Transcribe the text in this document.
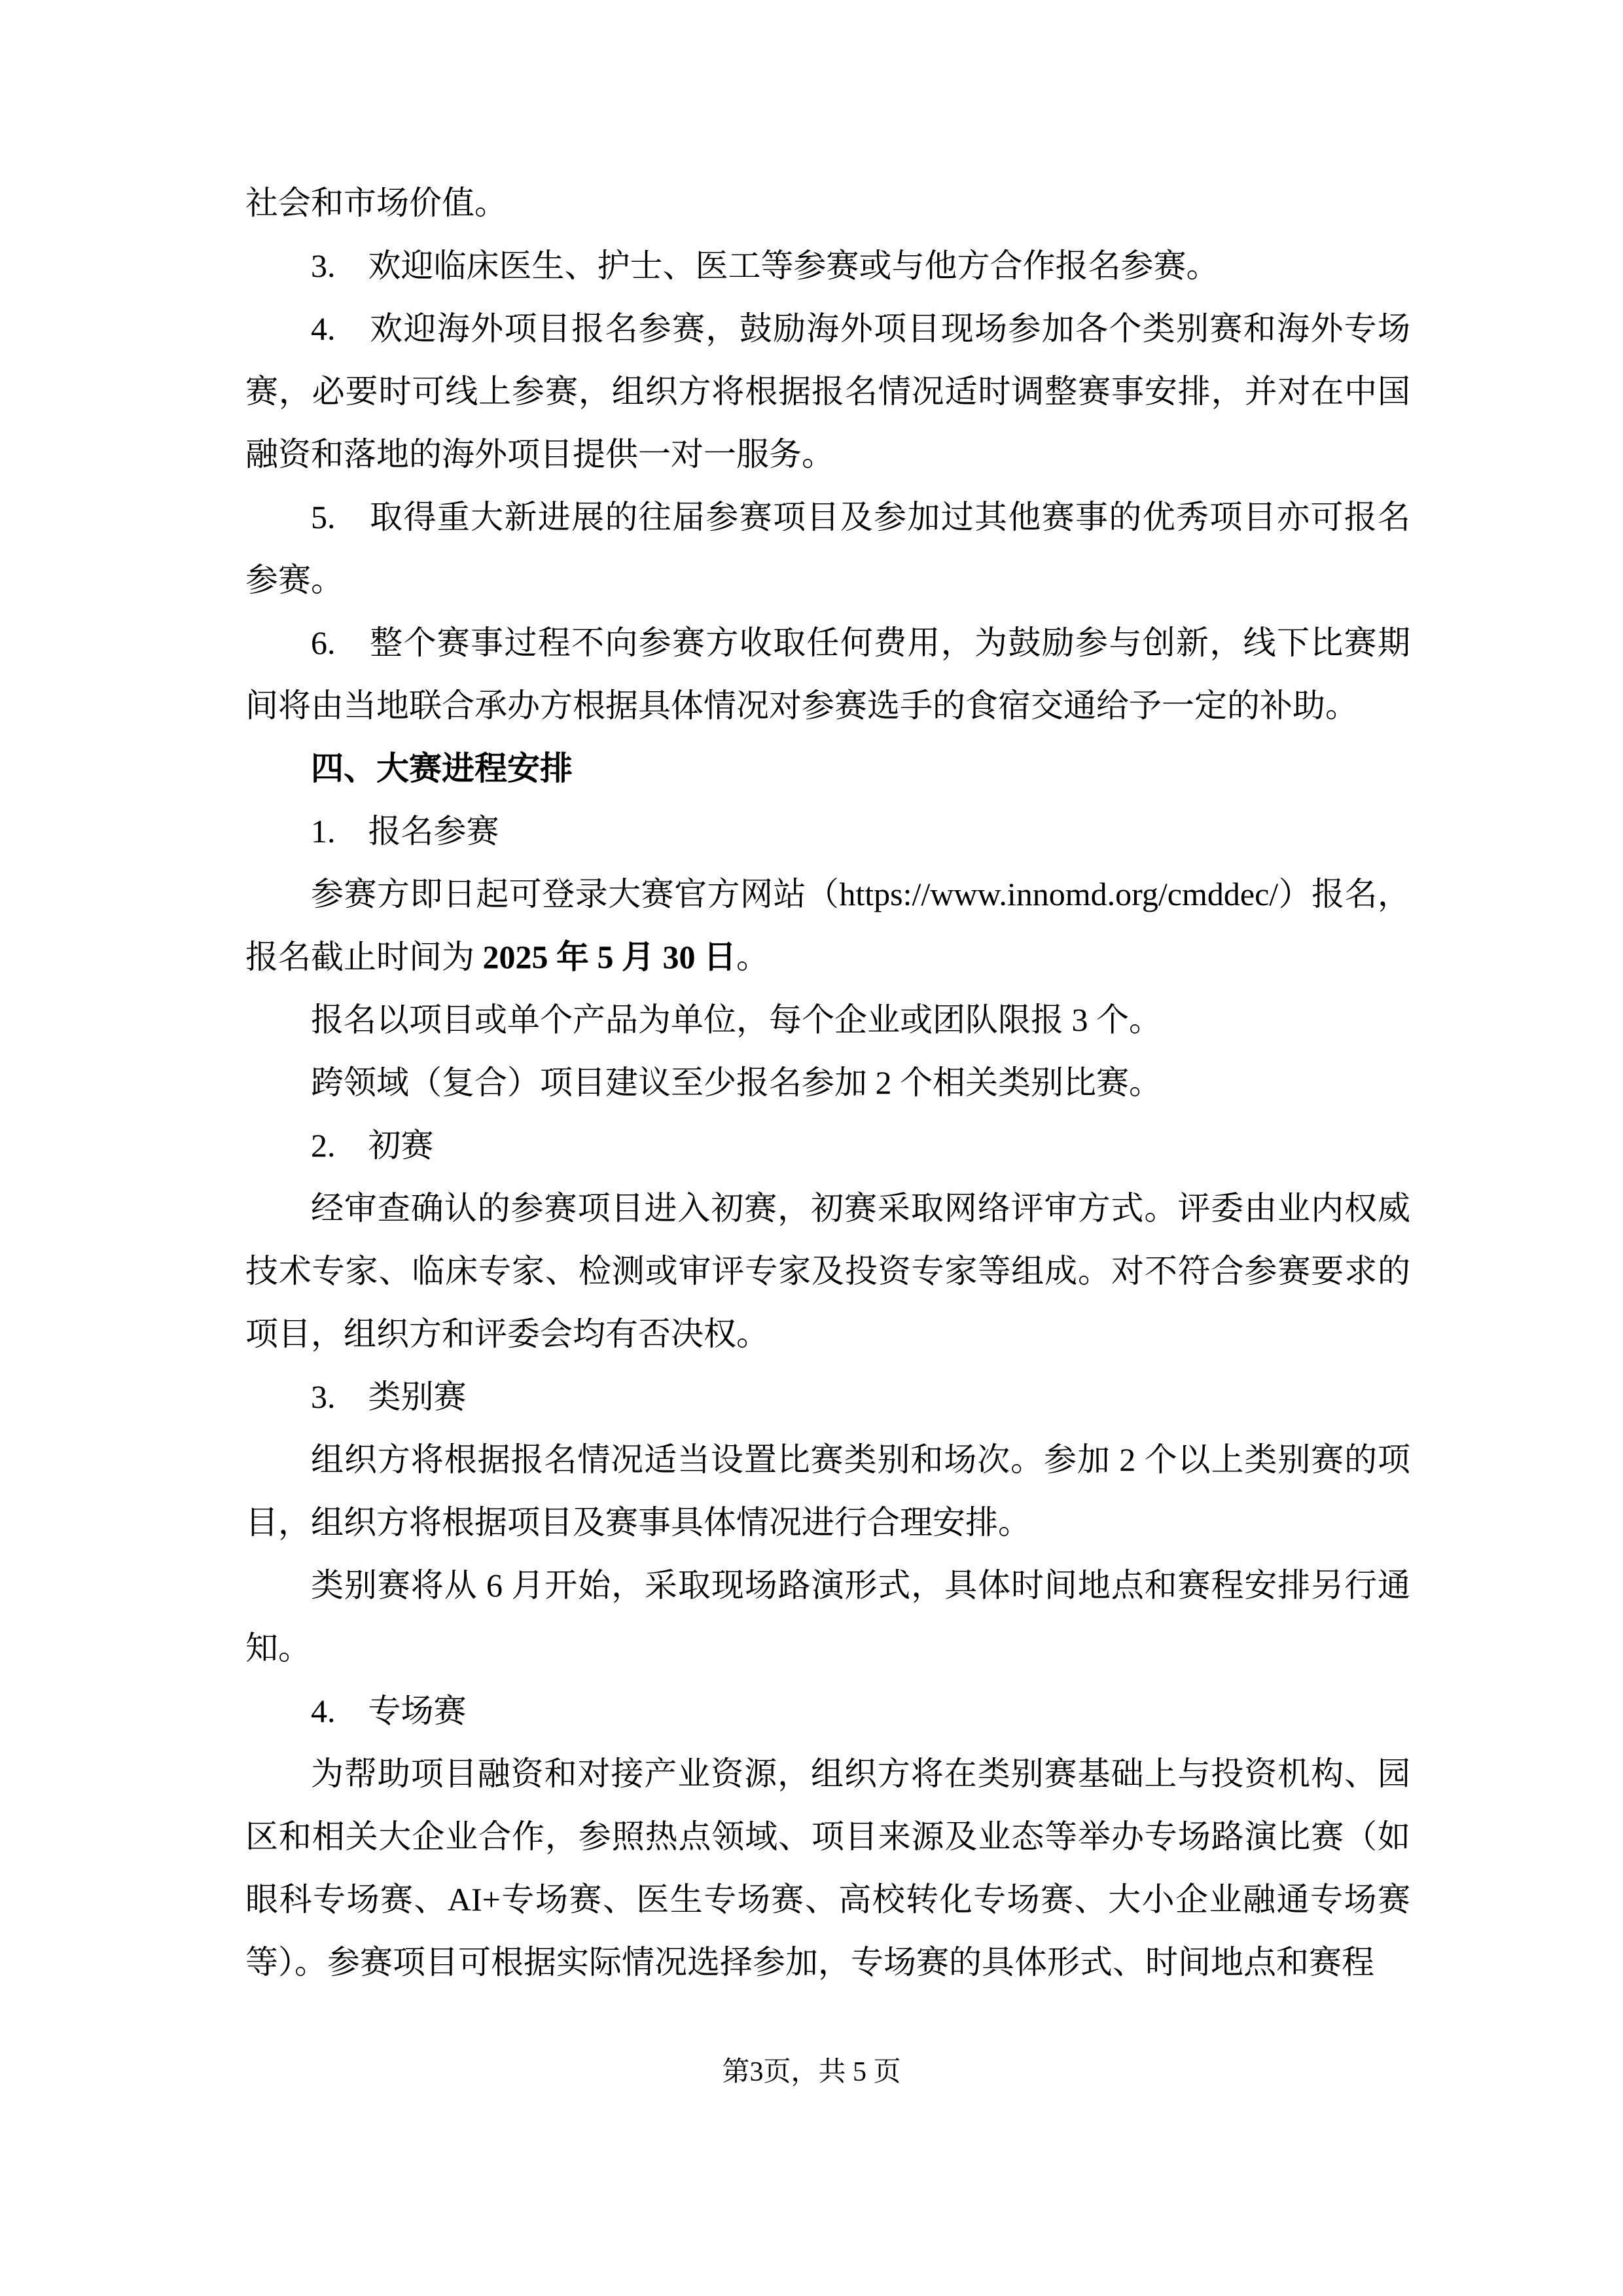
社会和市场价值。

3.　欢迎临床医生、护士、医工等参赛或与他方合作报名参赛。

4.　欢迎海外项目报名参赛，鼓励海外项目现场参加各个类别赛和海外专场赛，必要时可线上参赛，组织方将根据报名情况适时调整赛事安排，并对在中国融资和落地的海外项目提供一对一服务。

5.　取得重大新进展的往届参赛项目及参加过其他赛事的优秀项目亦可报名参赛。

6.　整个赛事过程不向参赛方收取任何费用，为鼓励参与创新，线下比赛期间将由当地联合承办方根据具体情况对参赛选手的食宿交通给予一定的补助。

四、大赛进程安排

1.　报名参赛

参赛方即日起可登录大赛官方网站（https://www.innomd.org/cmddec/）报名，报名截止时间为 2025 年 5 月 30 日。

报名以项目或单个产品为单位，每个企业或团队限报 3 个。

跨领域（复合）项目建议至少报名参加 2 个相关类别比赛。

2.　初赛

经审查确认的参赛项目进入初赛，初赛采取网络评审方式。评委由业内权威技术专家、临床专家、检测或审评专家及投资专家等组成。对不符合参赛要求的项目，组织方和评委会均有否决权。

3.　类别赛

组织方将根据报名情况适当设置比赛类别和场次。参加 2 个以上类别赛的项目，组织方将根据项目及赛事具体情况进行合理安排。

类别赛将从 6 月开始，采取现场路演形式，具体时间地点和赛程安排另行通知。

4.　专场赛

为帮助项目融资和对接产业资源，组织方将在类别赛基础上与投资机构、园区和相关大企业合作，参照热点领域、项目来源及业态等举办专场路演比赛（如眼科专场赛、AI+专场赛、医生专场赛、高校转化专场赛、大小企业融通专场赛等）。参赛项目可根据实际情况选择参加，专场赛的具体形式、时间地点和赛程

第3页，共 5 页
